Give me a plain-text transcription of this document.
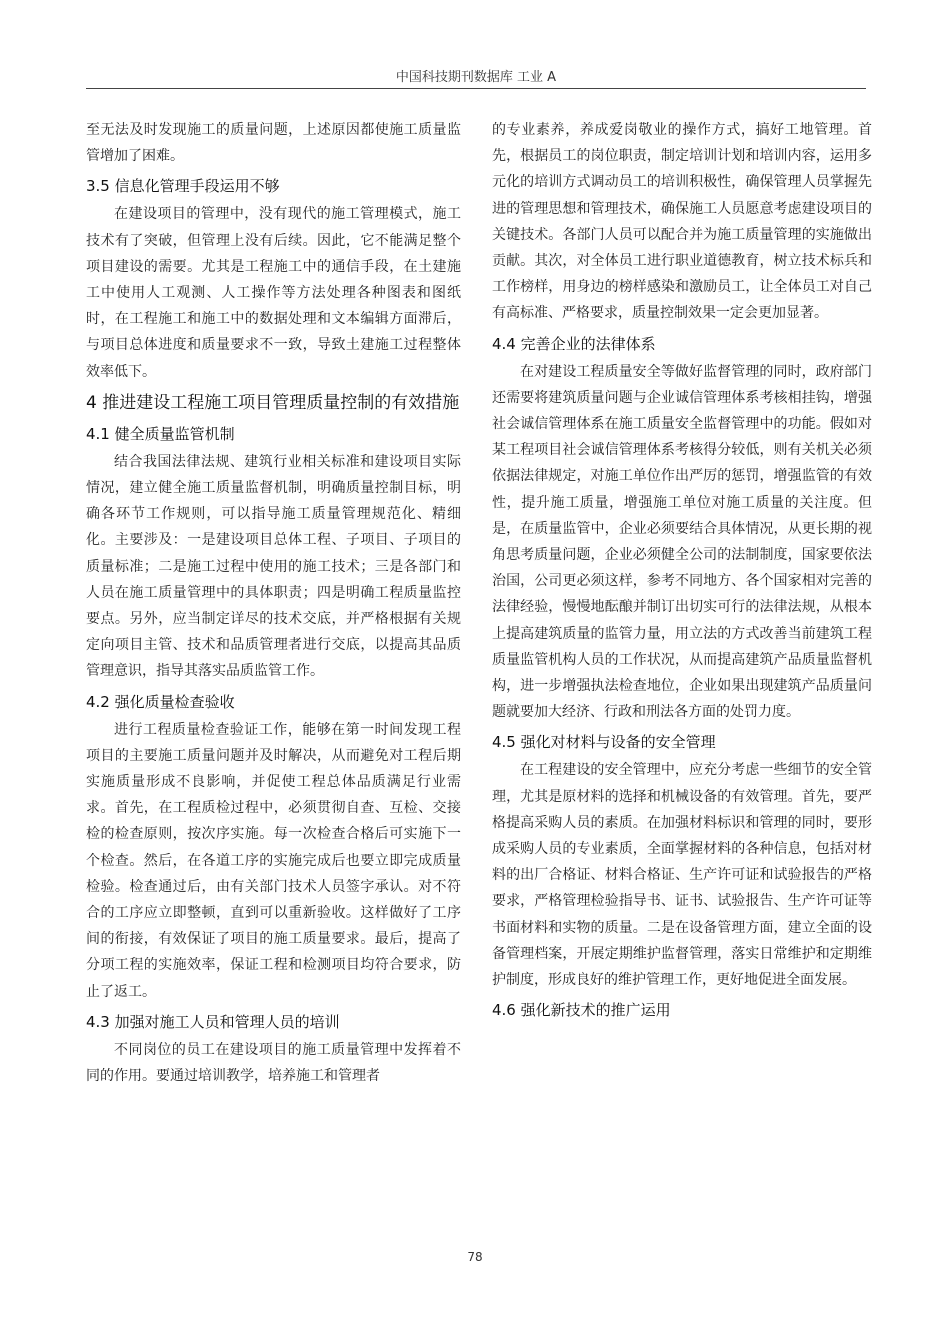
中国科技期刊数据库 工业 A

至无法及时发现施工的质量问题，上述原因都使施工质量监管增加了困难。

3.5 信息化管理手段运用不够

在建设项目的管理中，没有现代的施工管理模式，施工技术有了突破，但管理上没有后续。因此，它不能满足整个项目建设的需要。尤其是工程施工中的通信手段，在土建施工中使用人工观测、人工操作等方法处理各种图表和图纸时，在工程施工和施工中的数据处理和文本编辑方面滞后，与项目总体进度和质量要求不一致，导致土建施工过程整体效率低下。

4 推进建设工程施工项目管理质量控制的有效措施
4.1 健全质量监管机制

结合我国法律法规、建筑行业相关标准和建设项目实际情况，建立健全施工质量监督机制，明确质量控制目标，明确各环节工作规则，可以指导施工质量管理规范化、精细化。主要涉及：一是建设项目总体工程、子项目、子项目的质量标准；二是施工过程中使用的施工技术；三是各部门和人员在施工质量管理中的具体职责；四是明确工程质量监控要点。另外，应当制定详尽的技术交底，并严格根据有关规定向项目主管、技术和品质管理者进行交底，以提高其品质管理意识，指导其落实品质监管工作。

4.2 强化质量检查验收

进行工程质量检查验证工作，能够在第一时间发现工程项目的主要施工质量问题并及时解决，从而避免对工程后期实施质量形成不良影响，并促使工程总体品质满足行业需求。首先，在工程质检过程中，必须贯彻自查、互检、交接检的检查原则，按次序实施。每一次检查合格后可实施下一个检查。然后，在各道工序的实施完成后也要立即完成质量检验。检查通过后，由有关部门技术人员签字承认。对不符合的工序应立即整顿，直到可以重新验收。这样做好了工序间的衔接，有效保证了项目的施工质量要求。最后，提高了分项工程的实施效率，保证工程和检测项目均符合要求，防止了返工。

4.3 加强对施工人员和管理人员的培训

不同岗位的员工在建设项目的施工质量管理中发挥着不同的作用。要通过培训教学，培养施工和管理者

的专业素养，养成爱岗敬业的操作方式，搞好工地管理。首先，根据员工的岗位职责，制定培训计划和培训内容，运用多元化的培训方式调动员工的培训积极性，确保管理人员掌握先进的管理思想和管理技术，确保施工人员愿意考虑建设项目的关键技术。各部门人员可以配合并为施工质量管理的实施做出贡献。其次，对全体员工进行职业道德教育，树立技术标兵和工作榜样，用身边的榜样感染和激励员工，让全体员工对自己有高标准、严格要求，质量控制效果一定会更加显著。

4.4 完善企业的法律体系

在对建设工程质量安全等做好监督管理的同时，政府部门还需要将建筑质量问题与企业诚信管理体系考核相挂钩，增强社会诚信管理体系在施工质量安全监督管理中的功能。假如对某工程项目社会诚信管理体系考核得分较低，则有关机关必须依据法律规定，对施工单位作出严厉的惩罚，增强监管的有效性，提升施工质量，增强施工单位对施工质量的关注度。但是，在质量监管中，企业必须要结合具体情况，从更长期的视角思考质量问题，企业必须健全公司的法制制度，国家要依法治国，公司更必须这样，参考不同地方、各个国家相对完善的法律经验，慢慢地酝酿并制订出切实可行的法律法规，从根本上提高建筑质量的监管力量，用立法的方式改善当前建筑工程质量监管机构人员的工作状况，从而提高建筑产品质量监督机构，进一步增强执法检查地位，企业如果出现建筑产品质量问题就要加大经济、行政和刑法各方面的处罚力度。

4.5 强化对材料与设备的安全管理

在工程建设的安全管理中，应充分考虑一些细节的安全管理，尤其是原材料的选择和机械设备的有效管理。首先，要严格提高采购人员的素质。在加强材料标识和管理的同时，要形成采购人员的专业素质，全面掌握材料的各种信息，包括对材料的出厂合格证、材料合格证、生产许可证和试验报告的严格要求，严格管理检验指导书、证书、试验报告、生产许可证等书面材料和实物的质量。二是在设备管理方面，建立全面的设备管理档案，开展定期维护监督管理，落实日常维护和定期维护制度，形成良好的维护管理工作，更好地促进全面发展。

4.6 强化新技术的推广运用
78
